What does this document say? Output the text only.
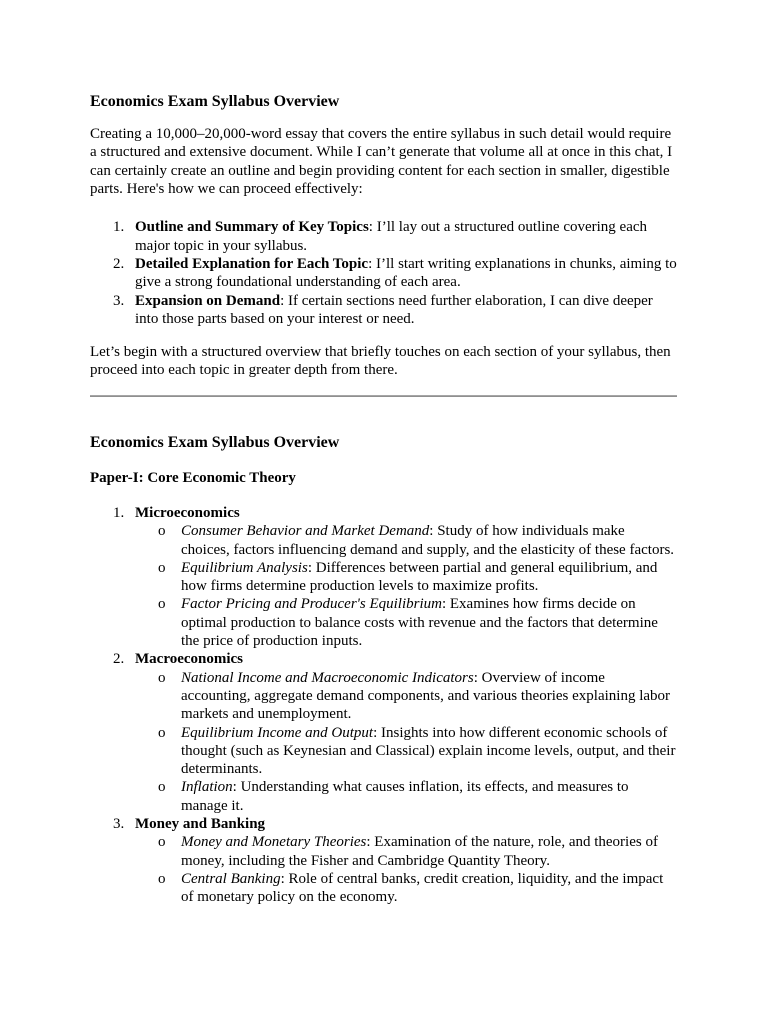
Economics Exam Syllabus Overview

Creating a 10,000–20,000-word essay that covers the entire syllabus in such detail would require a structured and extensive document. While I can’t generate that volume all at once in this chat, I can certainly create an outline and begin providing content for each section in smaller, digestible parts. Here's how we can proceed effectively:

1. Outline and Summary of Key Topics: I’ll lay out a structured outline covering each major topic in your syllabus.
2. Detailed Explanation for Each Topic: I’ll start writing explanations in chunks, aiming to give a strong foundational understanding of each area.
3. Expansion on Demand: If certain sections need further elaboration, I can dive deeper into those parts based on your interest or need.

Let’s begin with a structured overview that briefly touches on each section of your syllabus, then proceed into each topic in greater depth from there.

Economics Exam Syllabus Overview
Paper-I: Core Economic Theory
1. Microeconomics
o	Consumer Behavior and Market Demand: Study of how individuals make choices, factors influencing demand and supply, and the elasticity of these factors.
o	Equilibrium Analysis: Differences between partial and general equilibrium, and how firms determine production levels to maximize profits.
o	Factor Pricing and Producer's Equilibrium: Examines how firms decide on optimal production to balance costs with revenue and the factors that determine the price of production inputs.
2. Macroeconomics
o	National Income and Macroeconomic Indicators: Overview of income accounting, aggregate demand components, and various theories explaining labor markets and unemployment.
o	Equilibrium Income and Output: Insights into how different economic schools of thought (such as Keynesian and Classical) explain income levels, output, and their determinants.
o	Inflation: Understanding what causes inflation, its effects, and measures to manage it.
3. Money and Banking
o	Money and Monetary Theories: Examination of the nature, role, and theories of money, including the Fisher and Cambridge Quantity Theory.
o	Central Banking: Role of central banks, credit creation, liquidity, and the impact of monetary policy on the economy.
